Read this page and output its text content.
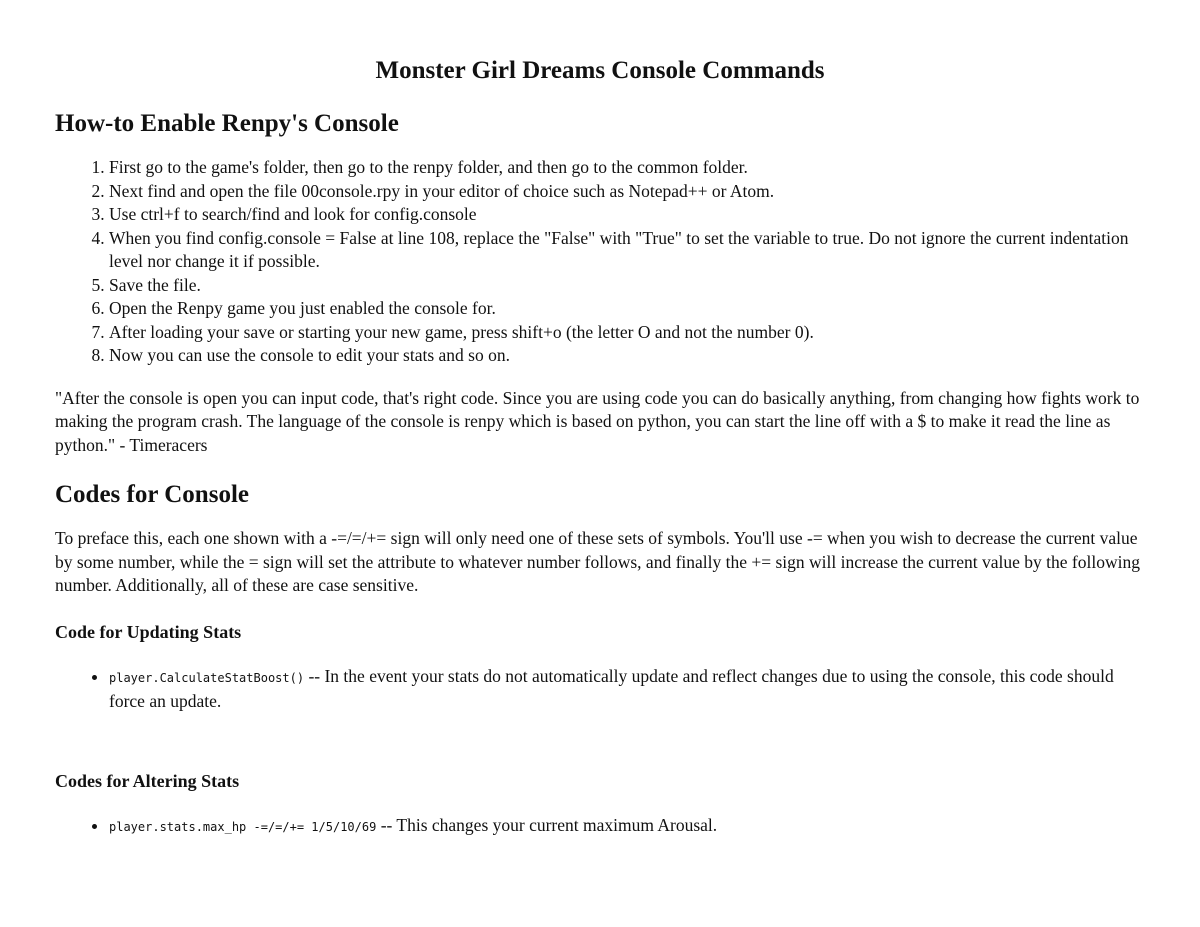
Monster Girl Dreams Console Commands
How-to Enable Renpy's Console
1. First go to the game's folder, then go to the renpy folder, and then go to the common folder.
2. Next find and open the file 00console.rpy in your editor of choice such as Notepad++ or Atom.
3. Use ctrl+f to search/find and look for config.console
4. When you find config.console = False at line 108, replace the "False" with "True" to set the variable to true. Do not ignore the current indentation level nor change it if possible.
5. Save the file.
6. Open the Renpy game you just enabled the console for.
7. After loading your save or starting your new game, press shift+o (the letter O and not the number 0).
8. Now you can use the console to edit your stats and so on.

"After the console is open you can input code, that's right code. Since you are using code you can do basically anything, from changing how fights work to making the program crash. The language of the console is renpy which is based on python, you can start the line off with a $ to make it read the line as python." - Timeracers

Codes for Console

To preface this, each one shown with a -=/=/+= sign will only need one of these sets of symbols. You'll use -= when you wish to decrease the current value by some number, while the = sign will set the attribute to whatever number follows, and finally the += sign will increase the current value by the following number. Additionally, all of these are case sensitive.

Code for Updating Stats
• player.CalculateStatBoost() -- In the event your stats do not automatically update and reflect changes due to using the console, this code should force an update.
Codes for Altering Stats
• player.stats.max_hp -=/=/+= 1/5/10/69 -- This changes your current maximum Arousal.
